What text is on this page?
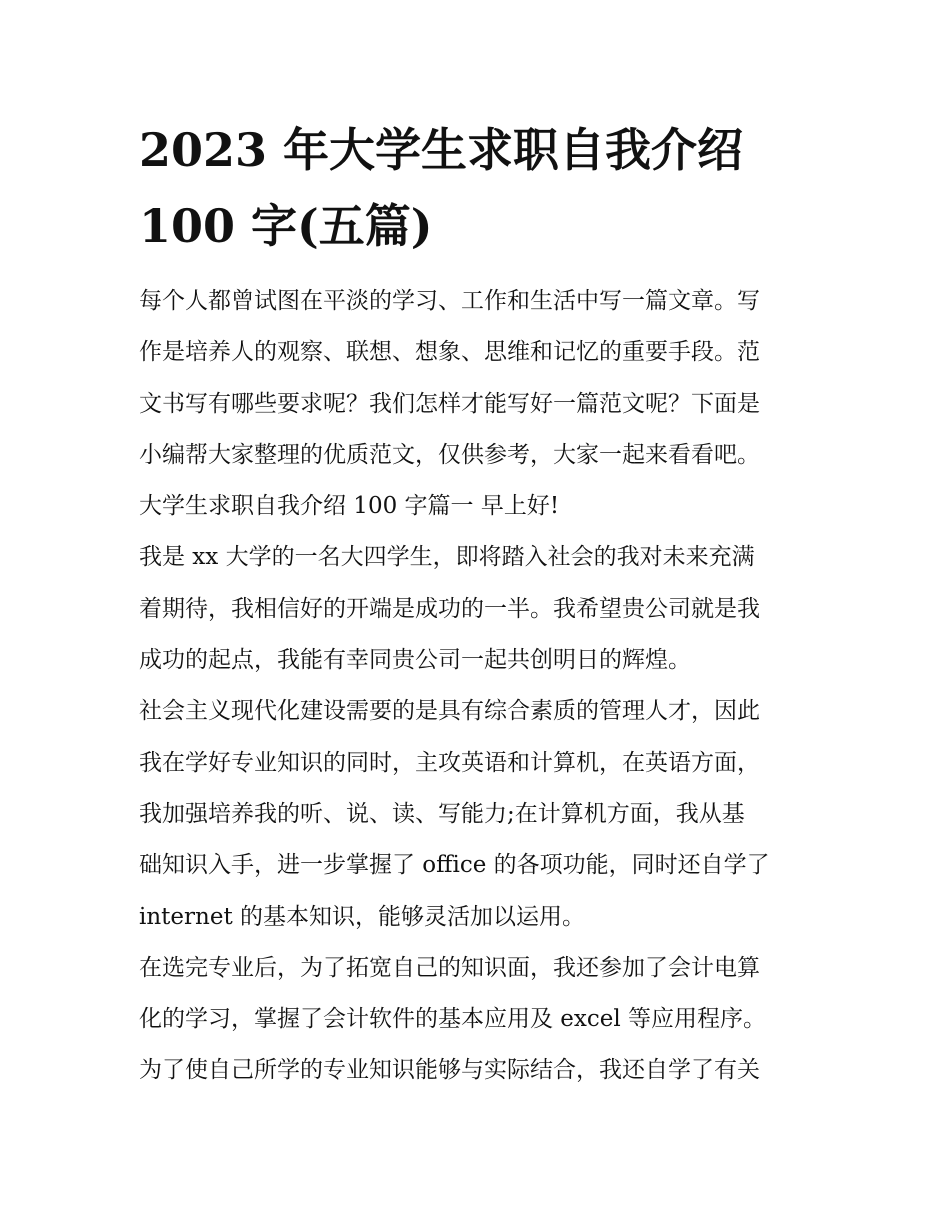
2023 年大学生求职自我介绍
100 字(五篇)
每个人都曾试图在平淡的学习、工作和生活中写一篇文章。写
作是培养人的观察、联想、想象、思维和记忆的重要手段。范
文书写有哪些要求呢？我们怎样才能写好一篇范文呢？下面是
小编帮大家整理的优质范文，仅供参考，大家一起来看看吧。
大学生求职自我介绍 100 字篇一 早上好!
我是 xx 大学的一名大四学生，即将踏入社会的我对未来充满
着期待，我相信好的开端是成功的一半。我希望贵公司就是我
成功的起点，我能有幸同贵公司一起共创明日的辉煌。
社会主义现代化建设需要的是具有综合素质的管理人才，因此
我在学好专业知识的同时，主攻英语和计算机，在英语方面，
我加强培养我的听、说、读、写能力;在计算机方面，我从基
础知识入手，进一步掌握了 office 的各项功能，同时还自学了
internet 的基本知识，能够灵活加以运用。
在选完专业后，为了拓宽自己的知识面，我还参加了会计电算
化的学习，掌握了会计软件的基本应用及 excel 等应用程序。
为了使自己所学的专业知识能够与实际结合，我还自学了有关
